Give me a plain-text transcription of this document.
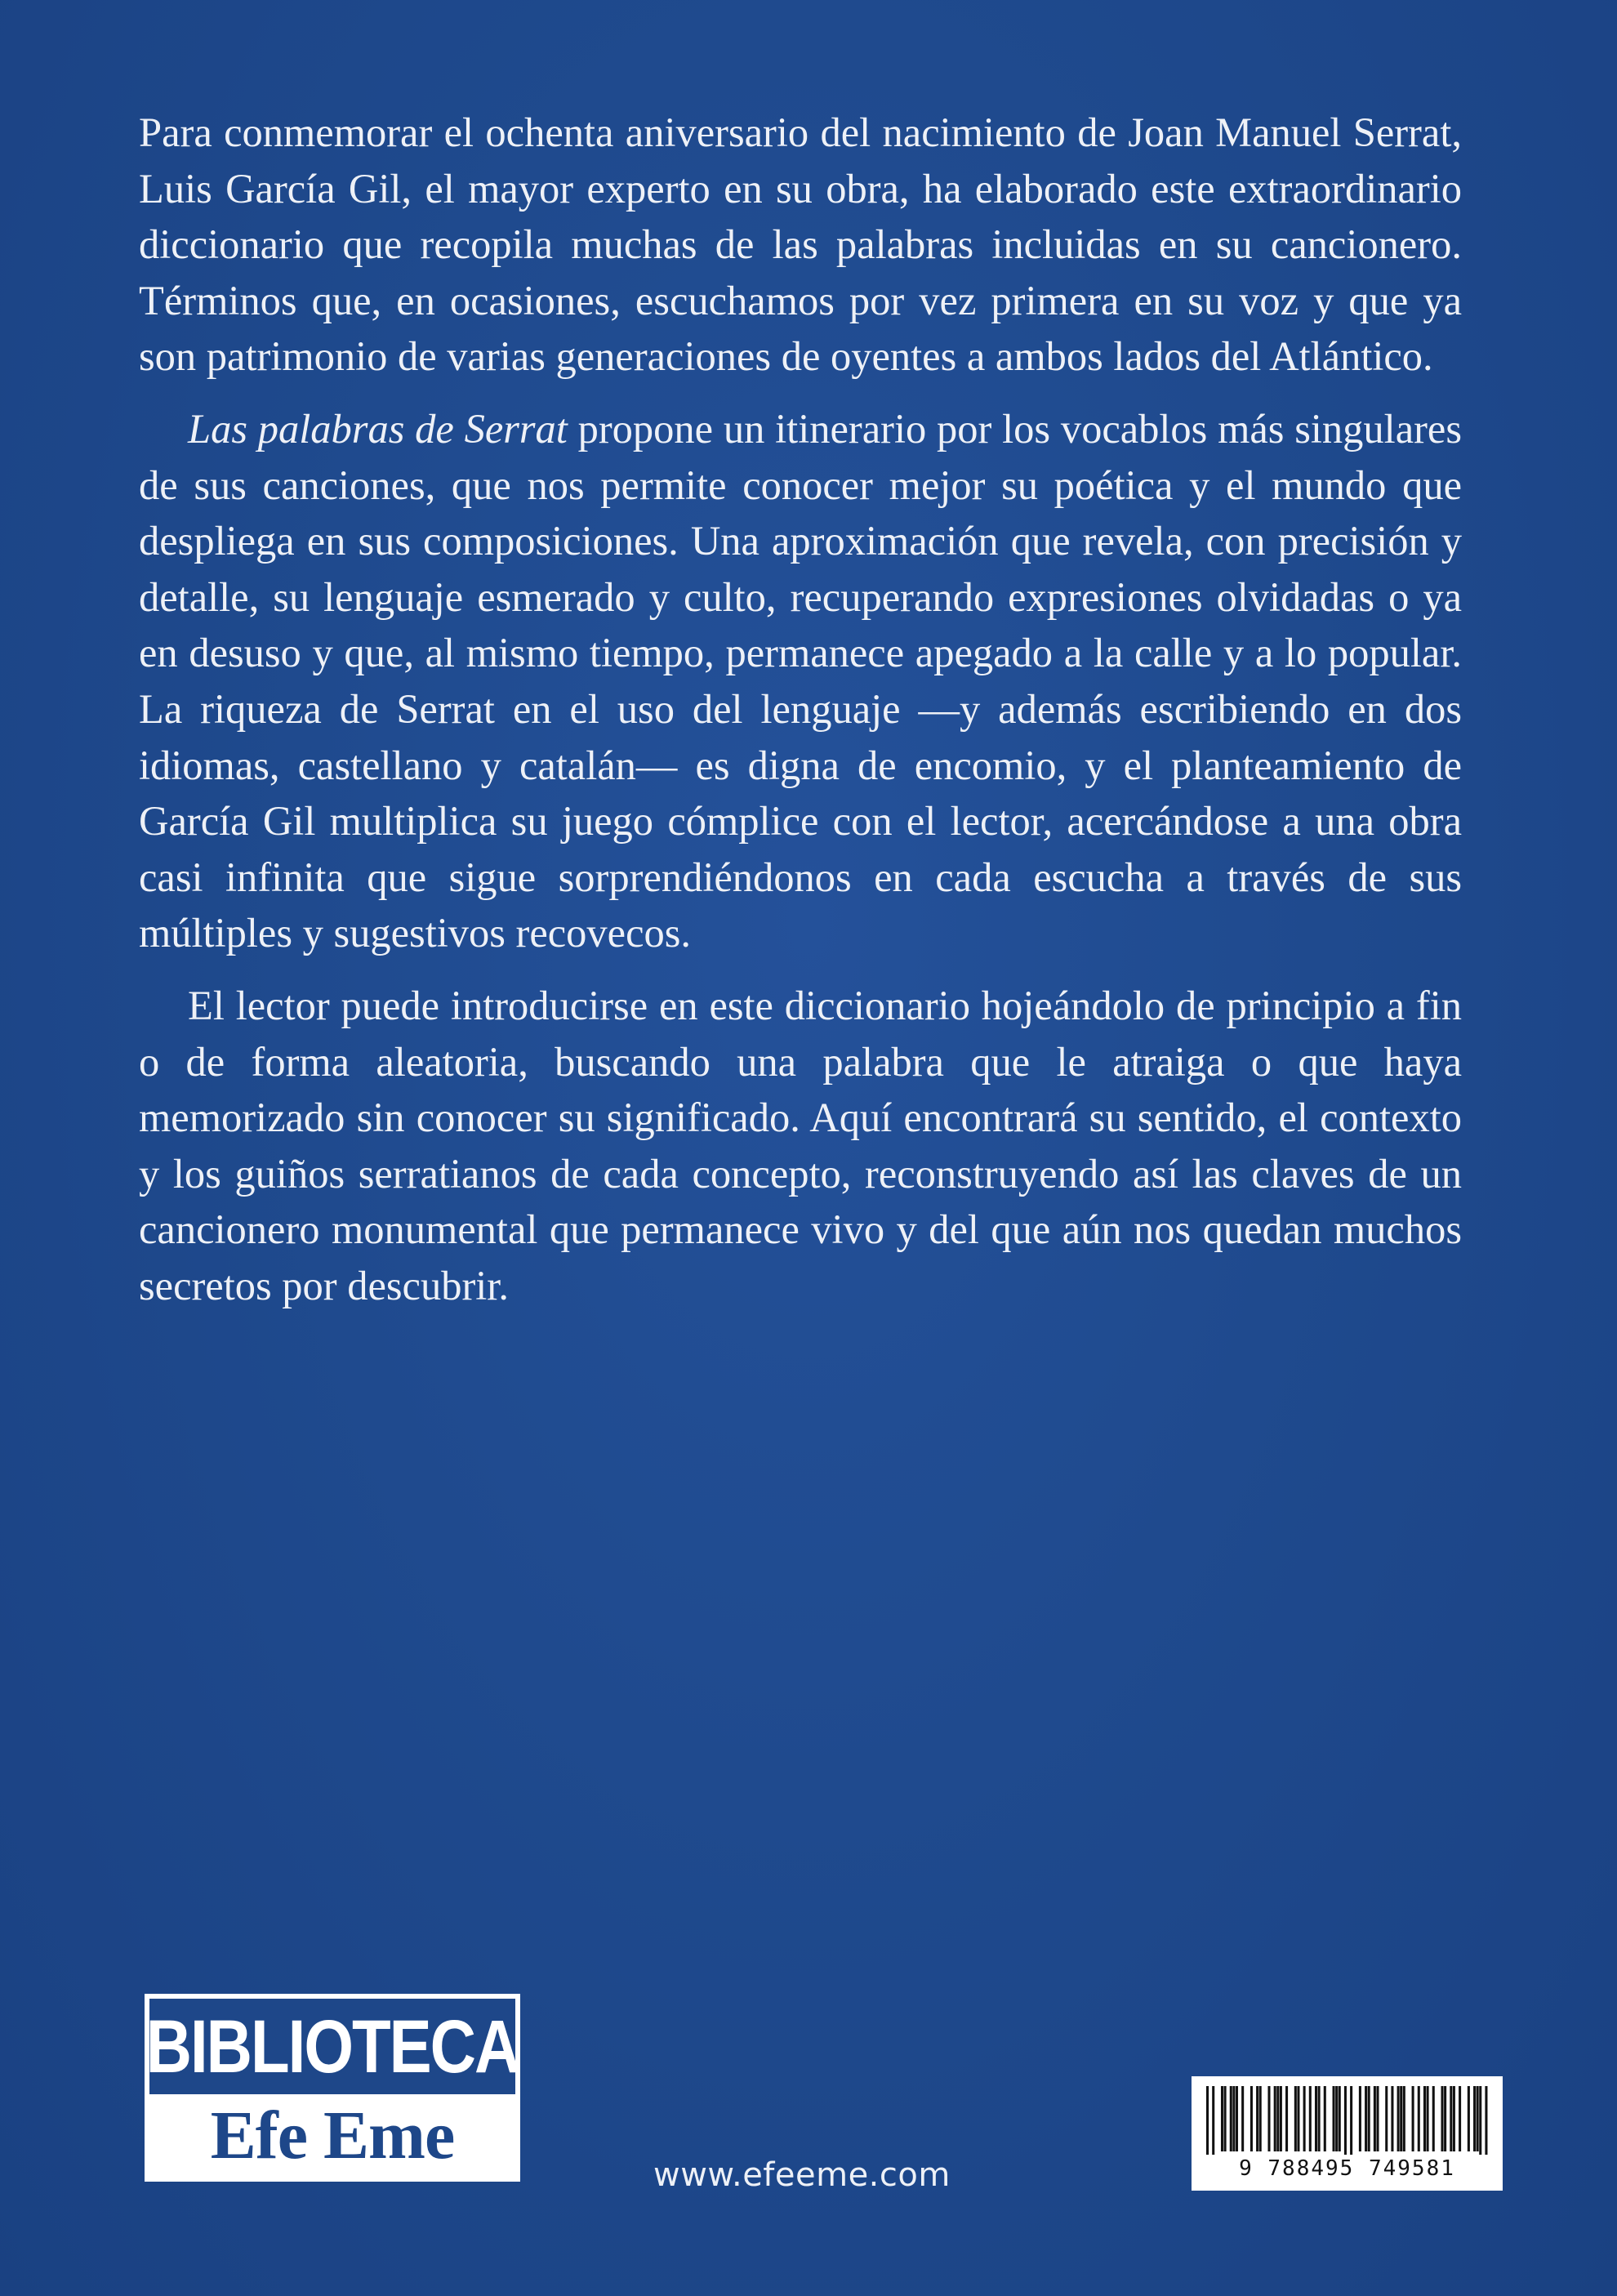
Para conmemorar el ochenta aniversario del nacimiento de Joan Manuel Serrat, Luis García Gil, el mayor experto en su obra, ha elaborado este extraordinario diccionario que recopila muchas de las palabras incluidas en su cancionero. Términos que, en ocasiones, escuchamos por vez primera en su voz y que ya son patrimonio de varias generaciones de oyentes a ambos lados del Atlántico.

Las palabras de Serrat propone un itinerario por los vocablos más singulares de sus canciones, que nos permite conocer mejor su poética y el mundo que despliega en sus composiciones. Una aproximación que revela, con precisión y detalle, su lenguaje esmerado y culto, recuperando expresiones olvidadas o ya en desuso y que, al mismo tiempo, permanece apegado a la calle y a lo popular. La riqueza de Serrat en el uso del lenguaje —y además escribiendo en dos idiomas, castellano y catalán— es digna de encomio, y el planteamiento de García Gil multiplica su juego cómplice con el lector, acercándose a una obra casi infinita que sigue sorprendiéndonos en cada escucha a través de sus múltiples y sugestivos recovecos.

El lector puede introducirse en este diccionario hojeándolo de principio a fin o de forma aleatoria, buscando una palabra que le atraiga o que haya memorizado sin conocer su significado. Aquí encontrará su sentido, el contexto y los guiños serratianos de cada concepto, reconstruyendo así las claves de un cancionero monumental que permanece vivo y del que aún nos quedan muchos secretos por descubrir.

BIBLIOTECA
Efe Eme
www.efeeme.com	9 788495 749581
